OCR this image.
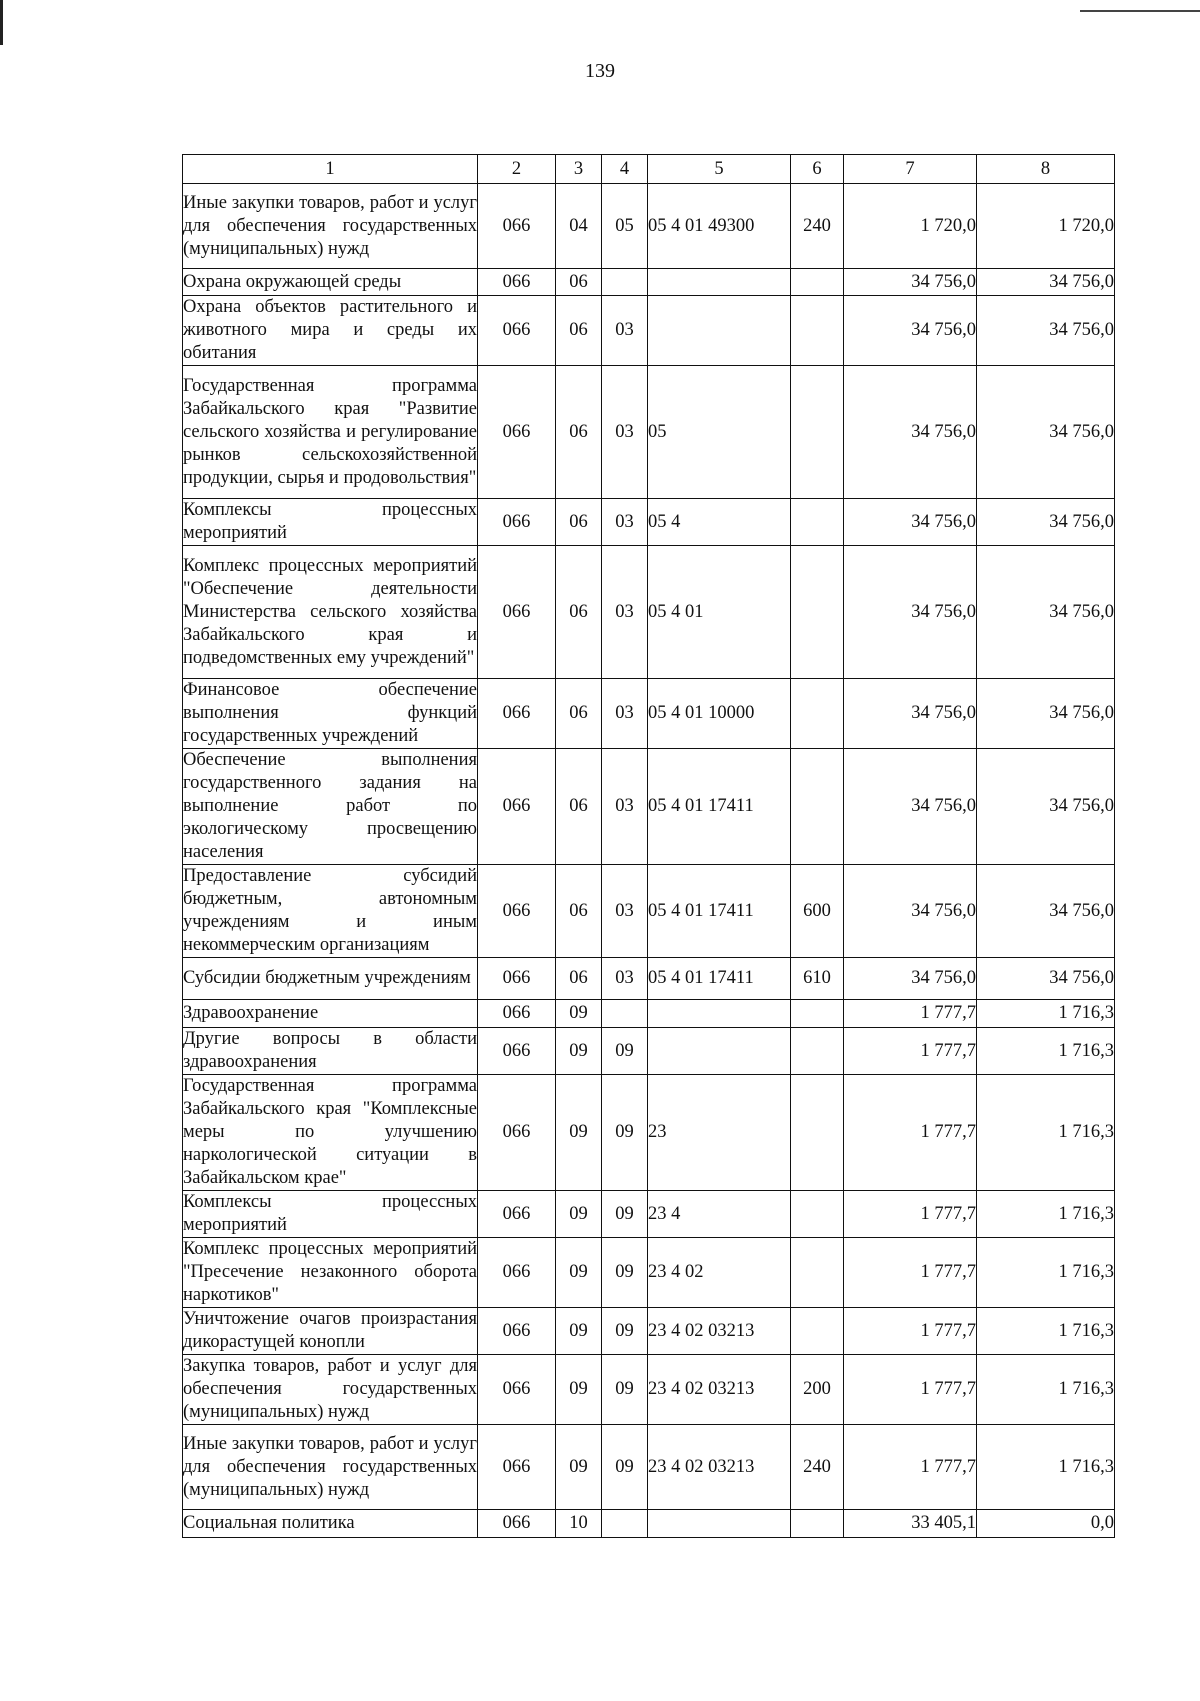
139
1	2	3	4	5	6	7	8
Иные закупки товаров, работ и услуг для обеспечения государственных (муниципальных) нужд	066	04	05	05 4 01 49300	240	1 720,0	1 720,0
Охрана окружающей среды	066	06				34 756,0	34 756,0
Охрана объектов растительного и животного мира и среды их обитания	066	06	03			34 756,0	34 756,0
Государственная программа Забайкальского края "Развитие сельского хозяйства и регулирование рынков сельскохозяйственной продукции, сырья и продовольствия"	066	06	03	05		34 756,0	34 756,0
Комплексы процессных мероприятий	066	06	03	05 4		34 756,0	34 756,0
Комплекс процессных мероприятий "Обеспечение деятельности Министерства сельского хозяйства Забайкальского края и подведомственных ему учреждений"	066	06	03	05 4 01		34 756,0	34 756,0
Финансовое обеспечение выполнения функций государственных учреждений	066	06	03	05 4 01 10000		34 756,0	34 756,0
Обеспечение выполнения государственного задания на выполнение работ по экологическому просвещению населения	066	06	03	05 4 01 17411		34 756,0	34 756,0
Предоставление субсидий бюджетным, автономным учреждениям и иным некоммерческим организациям	066	06	03	05 4 01 17411	600	34 756,0	34 756,0
Субсидии бюджетным учреждениям	066	06	03	05 4 01 17411	610	34 756,0	34 756,0
Здравоохранение	066	09				1 777,7	1 716,3
Другие вопросы в области здравоохранения	066	09	09			1 777,7	1 716,3
Государственная программа Забайкальского края "Комплексные меры по улучшению наркологической ситуации в Забайкальском крае"	066	09	09	23		1 777,7	1 716,3
Комплексы процессных мероприятий	066	09	09	23 4		1 777,7	1 716,3
Комплекс процессных мероприятий "Пресечение незаконного оборота наркотиков"	066	09	09	23 4 02		1 777,7	1 716,3
Уничтожение очагов произрастания дикорастущей конопли	066	09	09	23 4 02 03213		1 777,7	1 716,3
Закупка товаров, работ и услуг для обеспечения государственных (муниципальных) нужд	066	09	09	23 4 02 03213	200	1 777,7	1 716,3
Иные закупки товаров, работ и услуг для обеспечения государственных (муниципальных) нужд	066	09	09	23 4 02 03213	240	1 777,7	1 716,3
Социальная политика	066	10				33 405,1	0,0
